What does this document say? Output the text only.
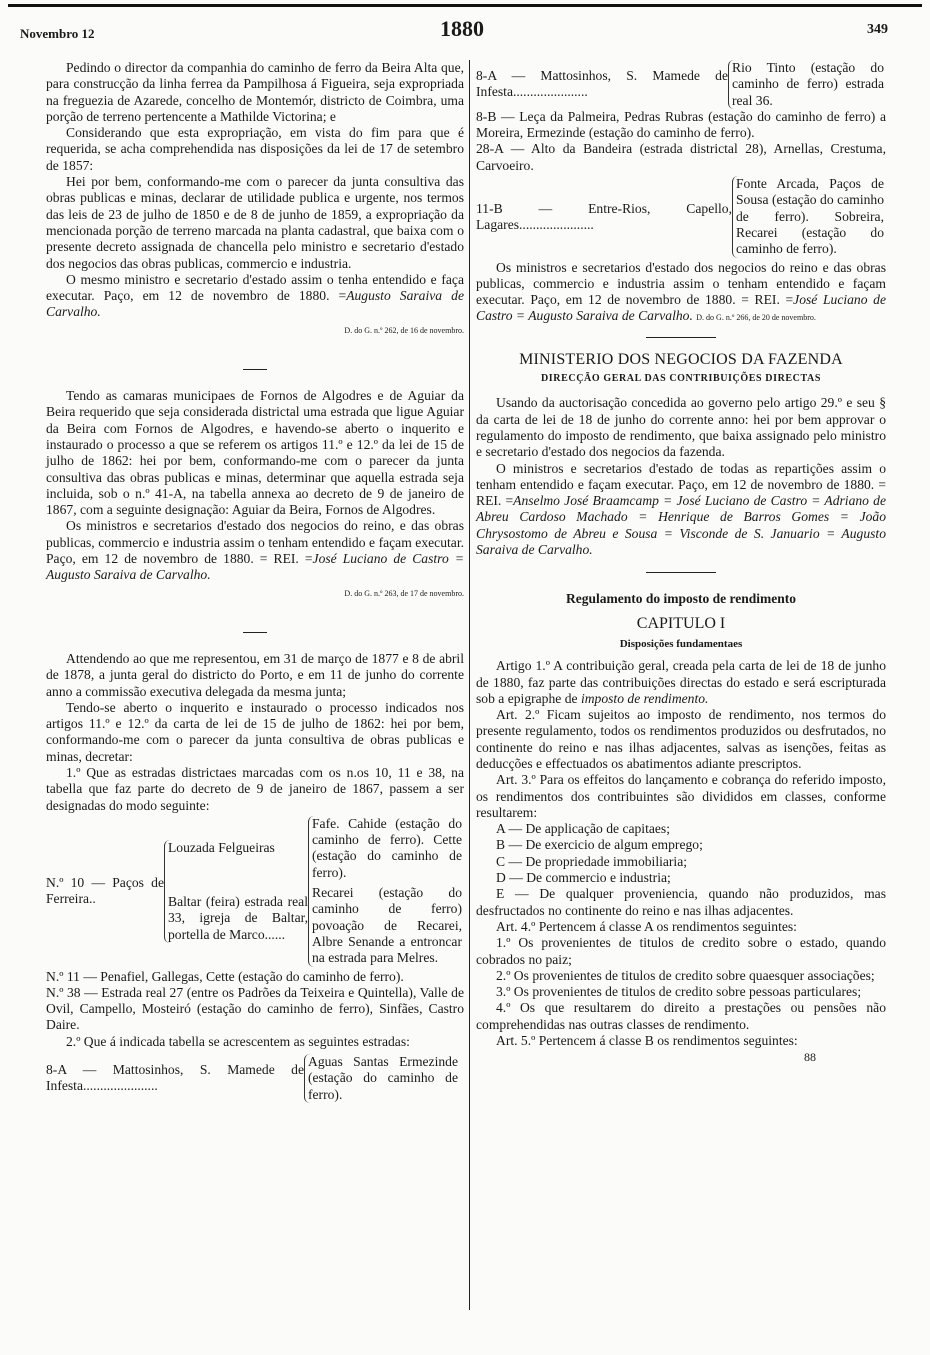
Novembro 12	1880	349

Pedindo o director da companhia do caminho de ferro da Beira Alta que, para construcção da linha ferrea da Pampilhosa á Figueira, seja expropriada na freguezia de Azarede, concelho de Montemór, districto de Coimbra, uma porção de terreno pertencente a Mathilde Victorina; e

Considerando que esta expropriação, em vista do fim para que é requerida, se acha comprehendida nas disposições da lei de 17 de setembro de 1857:

Hei por bem, conformando-me com o parecer da junta consultiva das obras publicas e minas, declarar de utilidade publica e urgente, nos termos das leis de 23 de julho de 1850 e de 8 de junho de 1859, a expropriação da mencionada porção de terreno marcada na planta cadastral, que baixa com o presente decreto assignada de chancella pelo ministro e secretario d'estado dos negocios das obras publicas, commercio e industria.

O mesmo ministro e secretario d'estado assim o tenha entendido e faça executar. Paço, em 12 de novembro de 1880. =Augusto Saraiva de Carvalho.

D. do G. n.º 262, de 16 de novembro.

Tendo as camaras municipaes de Fornos de Algodres e de Aguiar da Beira requerido que seja considerada districtal uma estrada que ligue Aguiar da Beira com Fornos de Algodres, e havendo-se aberto o inquerito e instaurado o processo a que se referem os artigos 11.º e 12.º da lei de 15 de julho de 1862: hei por bem, conformando-me com o parecer da junta consultiva das obras publicas e minas, determinar que aquella estrada seja incluida, sob o n.º 41-A, na tabella annexa ao decreto de 9 de janeiro de 1867, com a seguinte designação: Aguiar da Beira, Fornos de Algodres.

Os ministros e secretarios d'estado dos negocios do reino, e das obras publicas, commercio e industria assim o tenham entendido e façam executar. Paço, em 12 de novembro de 1880. = REI. =José Luciano de Castro = Augusto Saraiva de Carvalho.

D. do G. n.º 263, de 17 de novembro.

Attendendo ao que me representou, em 31 de março de 1877 e 8 de abril de 1878, a junta geral do districto do Porto, e em 11 de junho do corrente anno a commissão executiva delegada da mesma junta;

Tendo-se aberto o inquerito e instaurado o processo indicados nos artigos 11.º e 12.º da carta de lei de 15 de julho de 1862: hei por bem, conformando-me com o parecer da junta consultiva de obras publicas e minas, decretar:

1.º Que as estradas districtaes marcadas com os n.os 10, 11 e 38, na tabella que faz parte do decreto de 9 de janeiro de 1867, passem a ser designadas do modo seguinte:

N.º 10 — Paços de Ferreira..
Louzada Felgueiras
Baltar (feira) estrada real 33, igreja de Baltar, portella de Marco......
Fafe. Cahide (estação do caminho de ferro). Cette (estação do caminho de ferro).
Recarei (estação do caminho de ferro) povoação de Recarei, Albre Senande a entroncar na estrada para Melres.

N.º 11 — Penafiel, Gallegas, Cette (estação do caminho de ferro).

N.º 38 — Estrada real 27 (entre os Padrões da Teixeira e Quintella), Valle de Ovil, Campello, Mosteiró (estação do caminho de ferro), Sinfães, Castro Daire.

2.º Que á indicada tabella se acrescentem as seguintes estradas:

8-A — Mattosinhos, S. Mamede de Infesta......................
Aguas Santas Ermezinde (estação do caminho de ferro).
8-A — Mattosinhos, S. Mamede de Infesta......................
Rio Tinto (estação do caminho de ferro) estrada real 36.

8-B — Leça da Palmeira, Pedras Rubras (estação do caminho de ferro) a Moreira, Ermezinde (estação do caminho de ferro).

28-A — Alto da Bandeira (estrada districtal 28), Arnellas, Crestuma, Carvoeiro.

11-B — Entre-Rios, Capello, Lagares......................
Fonte Arcada, Paços de Sousa (estação do caminho de ferro). Sobreira, Recarei (estação do caminho de ferro).

Os ministros e secretarios d'estado dos negocios do reino e das obras publicas, commercio e industria assim o tenham entendido e façam executar. Paço, em 12 de novembro de 1880. = REI. =José Luciano de Castro = Augusto Saraiva de Carvalho. D. do G. n.º 266, de 20 de novembro.

MINISTERIO DOS NEGOCIOS DA FAZENDA

DIRECÇÃO GERAL DAS CONTRIBUIÇÕES DIRECTAS

Usando da auctorisação concedida ao governo pelo artigo 29.º e seu § da carta de lei de 18 de junho do corrente anno: hei por bem approvar o regulamento do imposto de rendimento, que baixa assignado pelo ministro e secretario d'estado dos negocios da fazenda.

O ministros e secretarios d'estado de todas as repartições assim o tenham entendido e façam executar. Paço, em 12 de novembro de 1880. = REI. =Anselmo José Braamcamp = José Luciano de Castro = Adriano de Abreu Cardoso Machado = Henrique de Barros Gomes = João Chrysostomo de Abreu e Sousa = Visconde de S. Januario = Augusto Saraiva de Carvalho.

Regulamento do imposto de rendimento

CAPITULO I

Disposições fundamentaes

Artigo 1.º A contribuição geral, creada pela carta de lei de 18 de junho de 1880, faz parte das contribuições directas do estado e será escripturada sob a epigraphe de imposto de rendimento.

Art. 2.º Ficam sujeitos ao imposto de rendimento, nos termos do presente regulamento, todos os rendimentos produzidos ou desfrutados, no continente do reino e nas ilhas adjacentes, salvas as isenções, feitas as deducções e effectuados os abatimentos adiante prescriptos.

Art. 3.º Para os effeitos do lançamento e cobrança do referido imposto, os rendimentos dos contribuintes são divididos em classes, conforme resultarem:

A — De applicação de capitaes;

B — De exercicio de algum emprego;

C — De propriedade immobiliaria;

D — De commercio e industria;

E — De qualquer proveniencia, quando não produzidos, mas desfructados no continente do reino e nas ilhas adjacentes.

Art. 4.º Pertencem á classe A os rendimentos seguintes:

1.º Os provenientes de titulos de credito sobre o estado, quando cobrados no paiz;

2.º Os provenientes de titulos de credito sobre quaesquer associações;

3.º Os provenientes de titulos de credito sobre pessoas particulares;

4.º Os que resultarem do direito a prestações ou pensões não comprehendidas nas outras classes de rendimento.

Art. 5.º Pertencem á classe B os rendimentos seguintes:

88
